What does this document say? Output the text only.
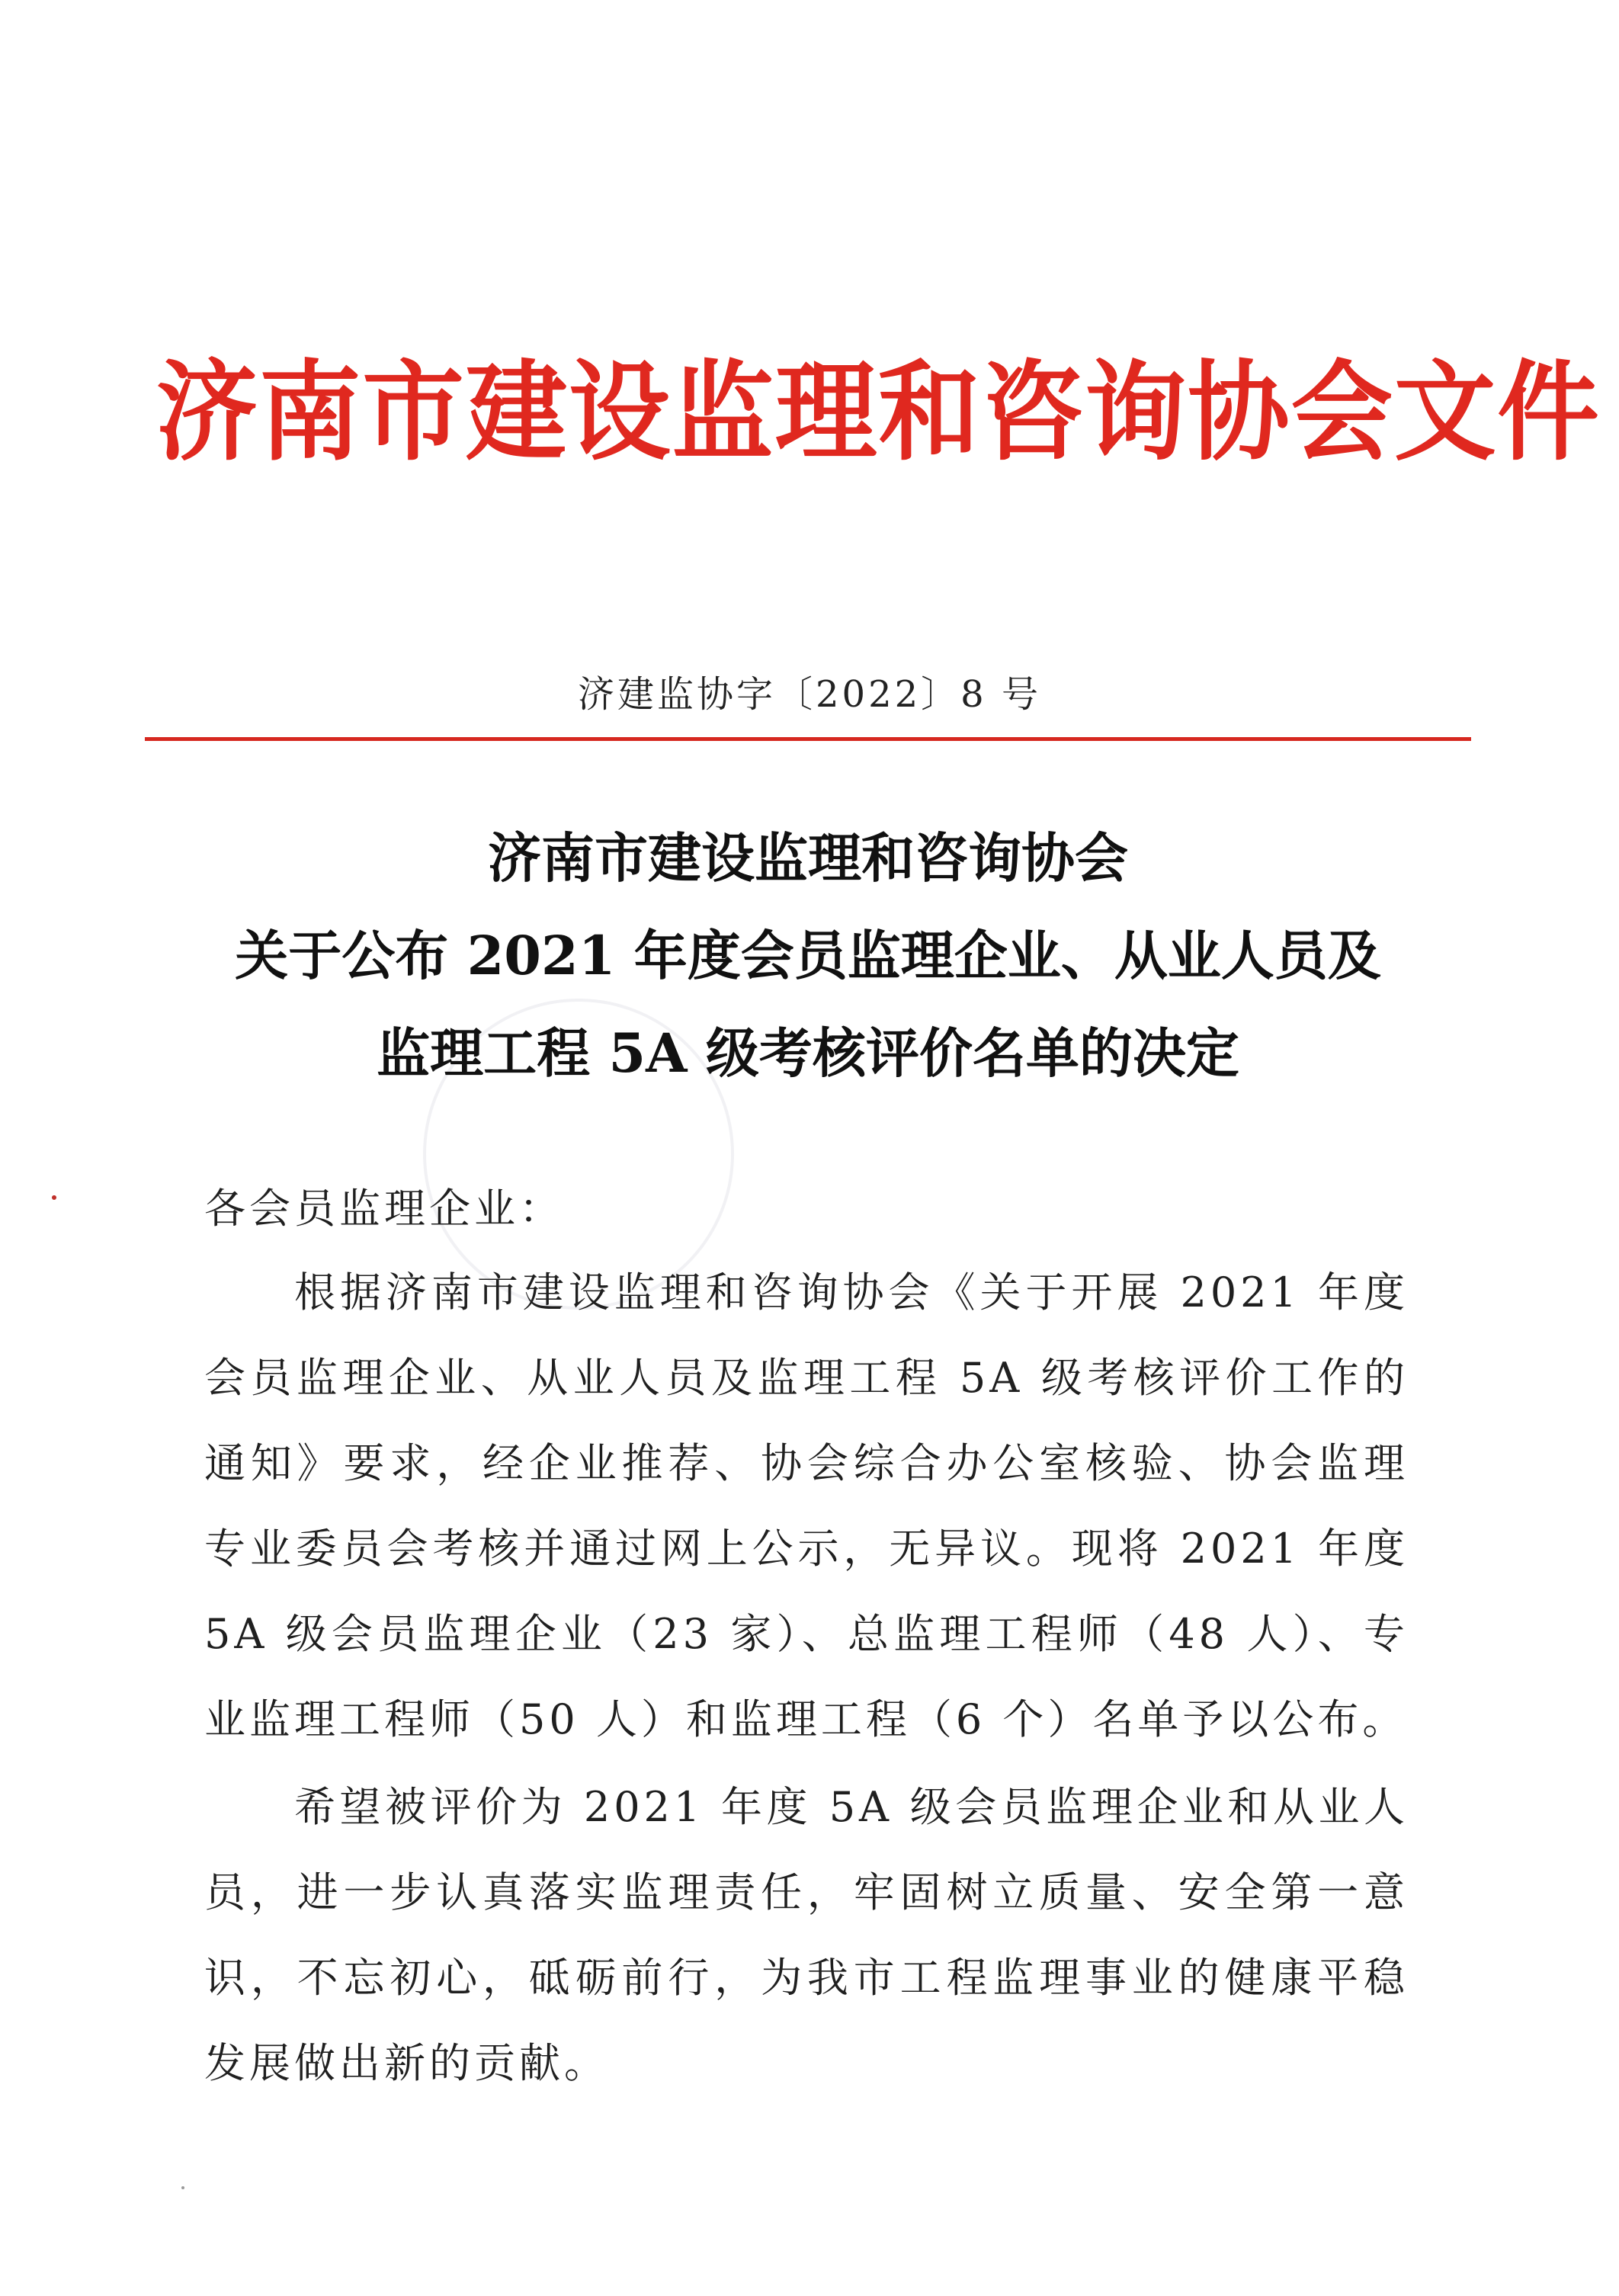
济南市建设监理和咨询协会文件
济建监协字〔2022〕8 号
济南市建设监理和咨询协会
关于公布 2021 年度会员监理企业、从业人员及
监理工程 5A 级考核评价名单的决定
各会员监理企业：
根据济南市建设监理和咨询协会《关于开展 2021 年度会员监理企业、从业人员及监理工程 5A 级考核评价工作的通知》要求，经企业推荐、协会综合办公室核验、协会监理专业委员会考核并通过网上公示，无异议。现将 2021 年度 5A 级会员监理企业（23 家）、总监理工程师（48 人）、专业监理工程师（50 人）和监理工程（6 个）名单予以公布。
希望被评价为 2021 年度 5A 级会员监理企业和从业人员，进一步认真落实监理责任，牢固树立质量、安全第一意识，不忘初心，砥砺前行，为我市工程监理事业的健康平稳发展做出新的贡献。
